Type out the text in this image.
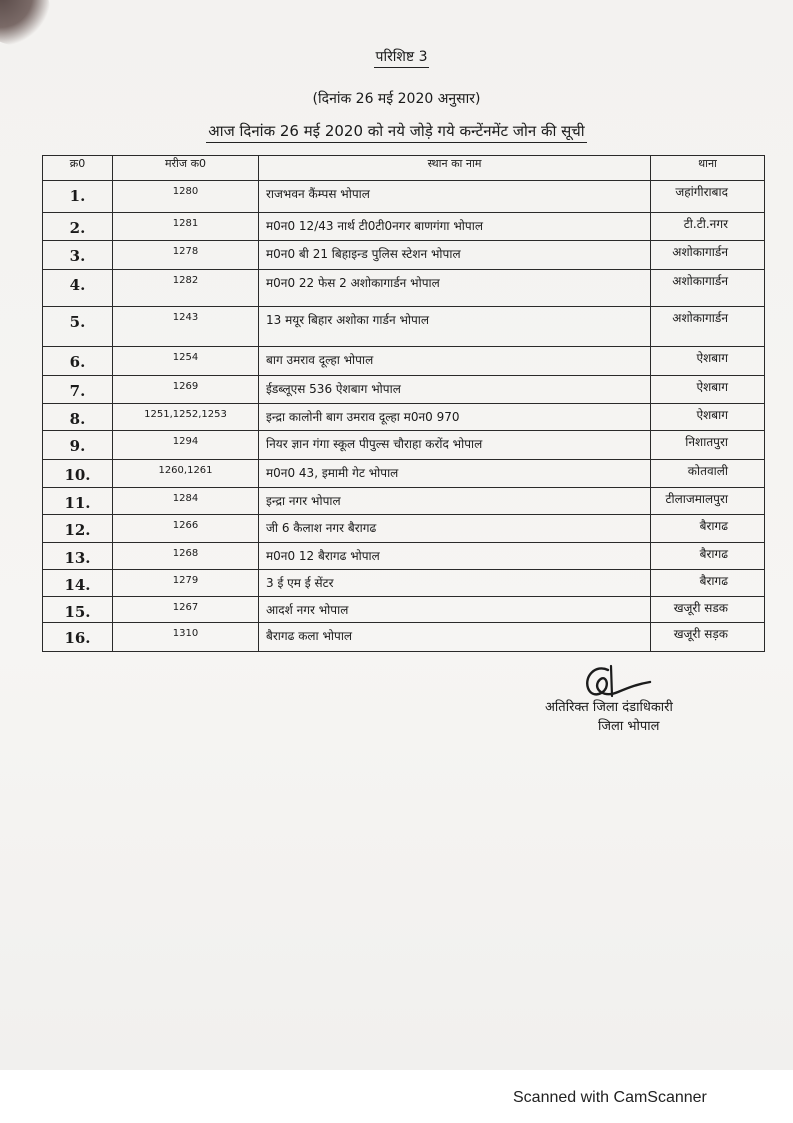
परिशिष्ट 3
(दिनांक 26 मई 2020 अनुसार)
आज दिनांक 26 मई 2020 को नये जोड़े गये कन्टेंनमेंट जोन की सूची
क्र0	मरीज क0	स्थान का नाम	थाना
1.	1280	राजभवन कैंम्पस भोपाल	जहांगीराबाद
2.	1281	म0न0 12/43 नार्थ टी0टी0नगर बाणगंगा भोपाल	टी.टी.नगर
3.	1278	म0न0 बी 21 बिहाइन्ड पुलिस स्टेशन भोपाल	अशोकागार्डन
4.	1282	म0न0 22 फेस 2 अशोकागार्डन भोपाल	अशोकागार्डन
5.	1243	13 मयूर बिहार अशोका गार्डन भोपाल	अशोकागार्डन
6.	1254	बाग उमराव दूल्हा भोपाल	ऐशबाग
7.	1269	ईडब्लूएस 536 ऐशबाग भोपाल	ऐशबाग
8.	1251,1252,1253	इन्द्रा कालोनी बाग उमराव दूल्हा म0न0 970	ऐशबाग
9.	1294	नियर ज्ञान गंगा स्कूल पीपुल्स चौराहा करोंद भोपाल	निशातपुरा
10.	1260,1261	म0न0 43, इमामी गेट भोपाल	कोतवाली
11.	1284	इन्द्रा नगर भोपाल	टीलाजमालपुरा
12.	1266	जी 6 कैलाश नगर बैरागढ	बैरागढ
13.	1268	म0न0 12 बैरागढ भोपाल	बैरागढ
14.	1279	3 ई एम ई सेंटर	बैरागढ
15.	1267	आदर्श नगर भोपाल	खजूरी सडक
16.	1310	बैरागढ कला भोपाल	खजूरी सड़क
अतिरिक्त जिला दंडाधिकारी
जिला भोपाल
Scanned with CamScanner
